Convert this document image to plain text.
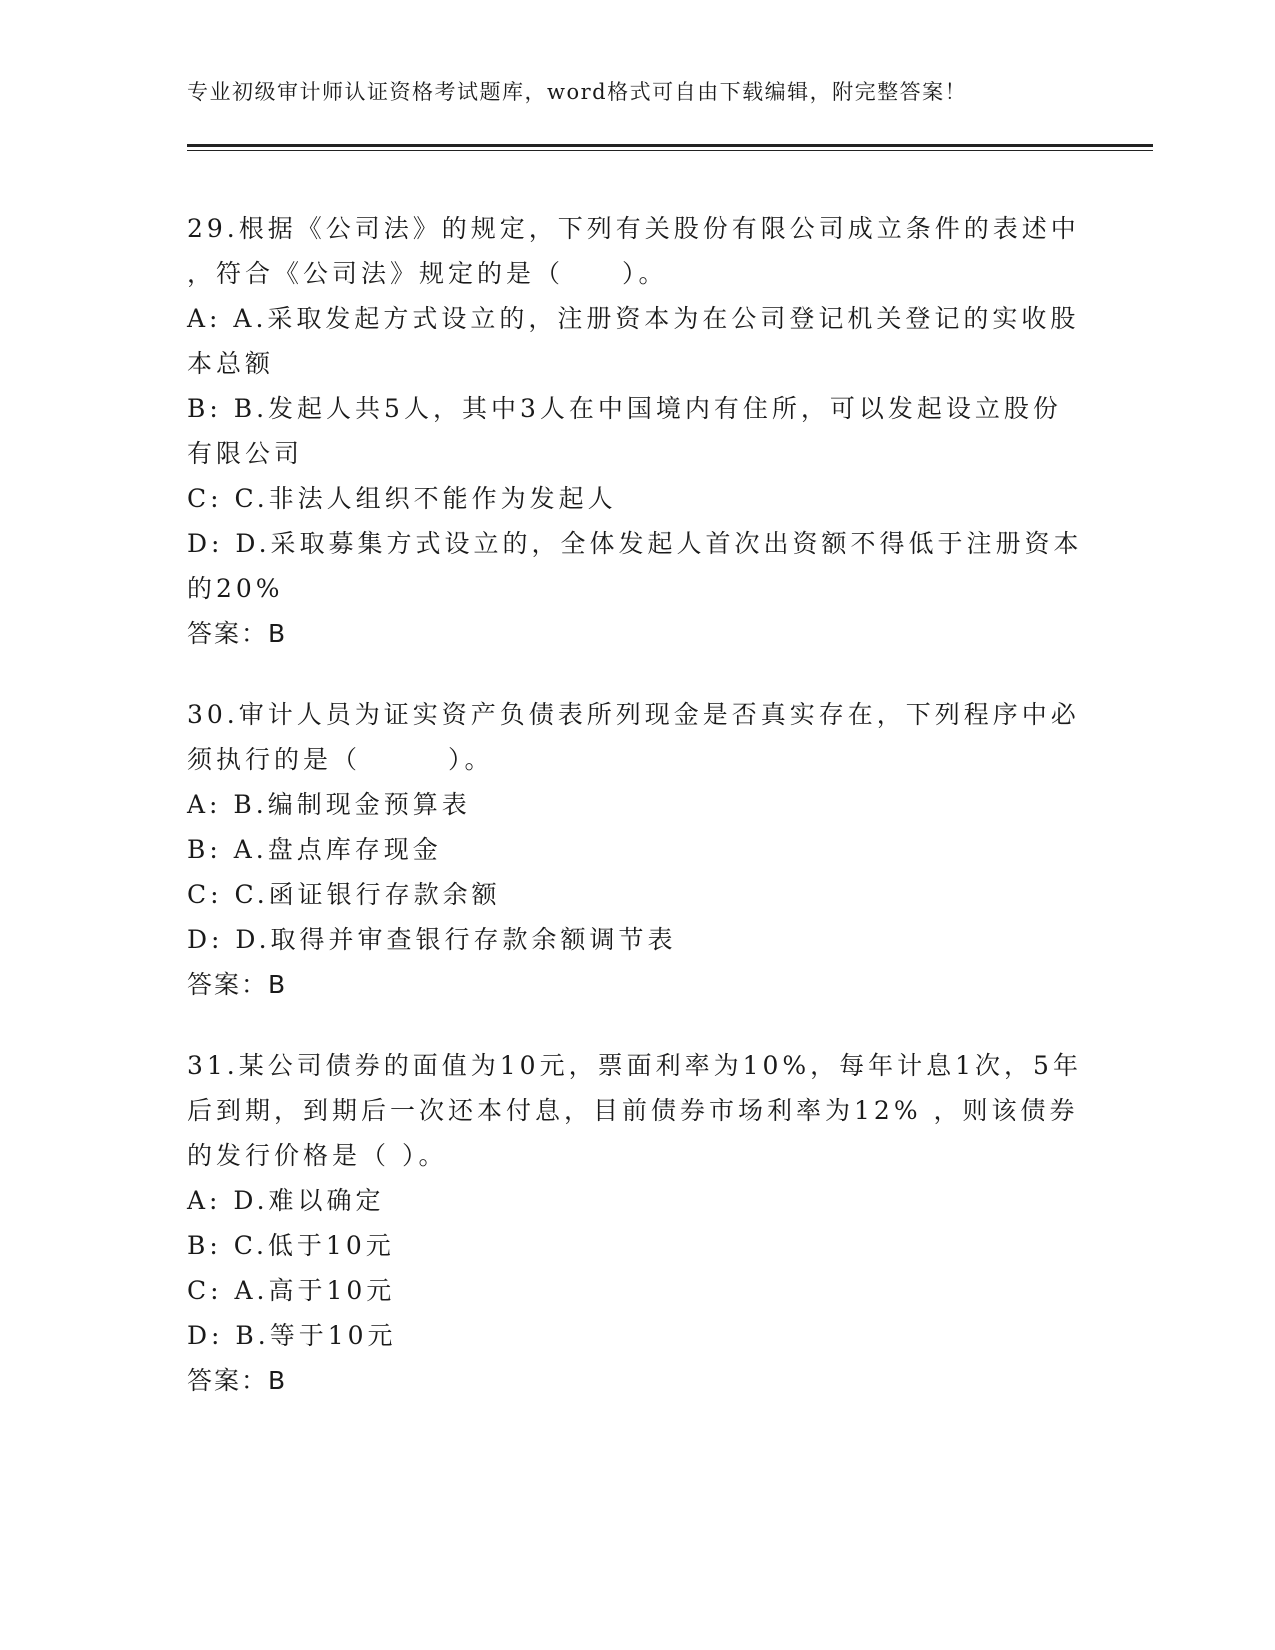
专业初级审计师认证资格考试题库，word格式可自由下载编辑，附完整答案！
29.根据《公司法》的规定，下列有关股份有限公司成立条件的表述中
，符合《公司法》规定的是（　　）。
A: A.采取发起方式设立的，注册资本为在公司登记机关登记的实收股
本总额
B: B.发起人共5人，其中3人在中国境内有住所，可以发起设立股份
有限公司
C: C.非法人组织不能作为发起人
D: D.采取募集方式设立的，全体发起人首次出资额不得低于注册资本
的20%
答案：B
30.审计人员为证实资产负债表所列现金是否真实存在，下列程序中必
须执行的是（　　　）。
A: B.编制现金预算表
B: A.盘点库存现金
C: C.函证银行存款余额
D: D.取得并审查银行存款余额调节表
答案：B
31.某公司债券的面值为10元，票面利率为10%，每年计息1次，5年
后到期，到期后一次还本付息，目前债券市场利率为12% ，则该债券
的发行价格是（ ）。
A: D.难以确定
B: C.低于10元
C: A.高于10元
D: B.等于10元
答案：B
